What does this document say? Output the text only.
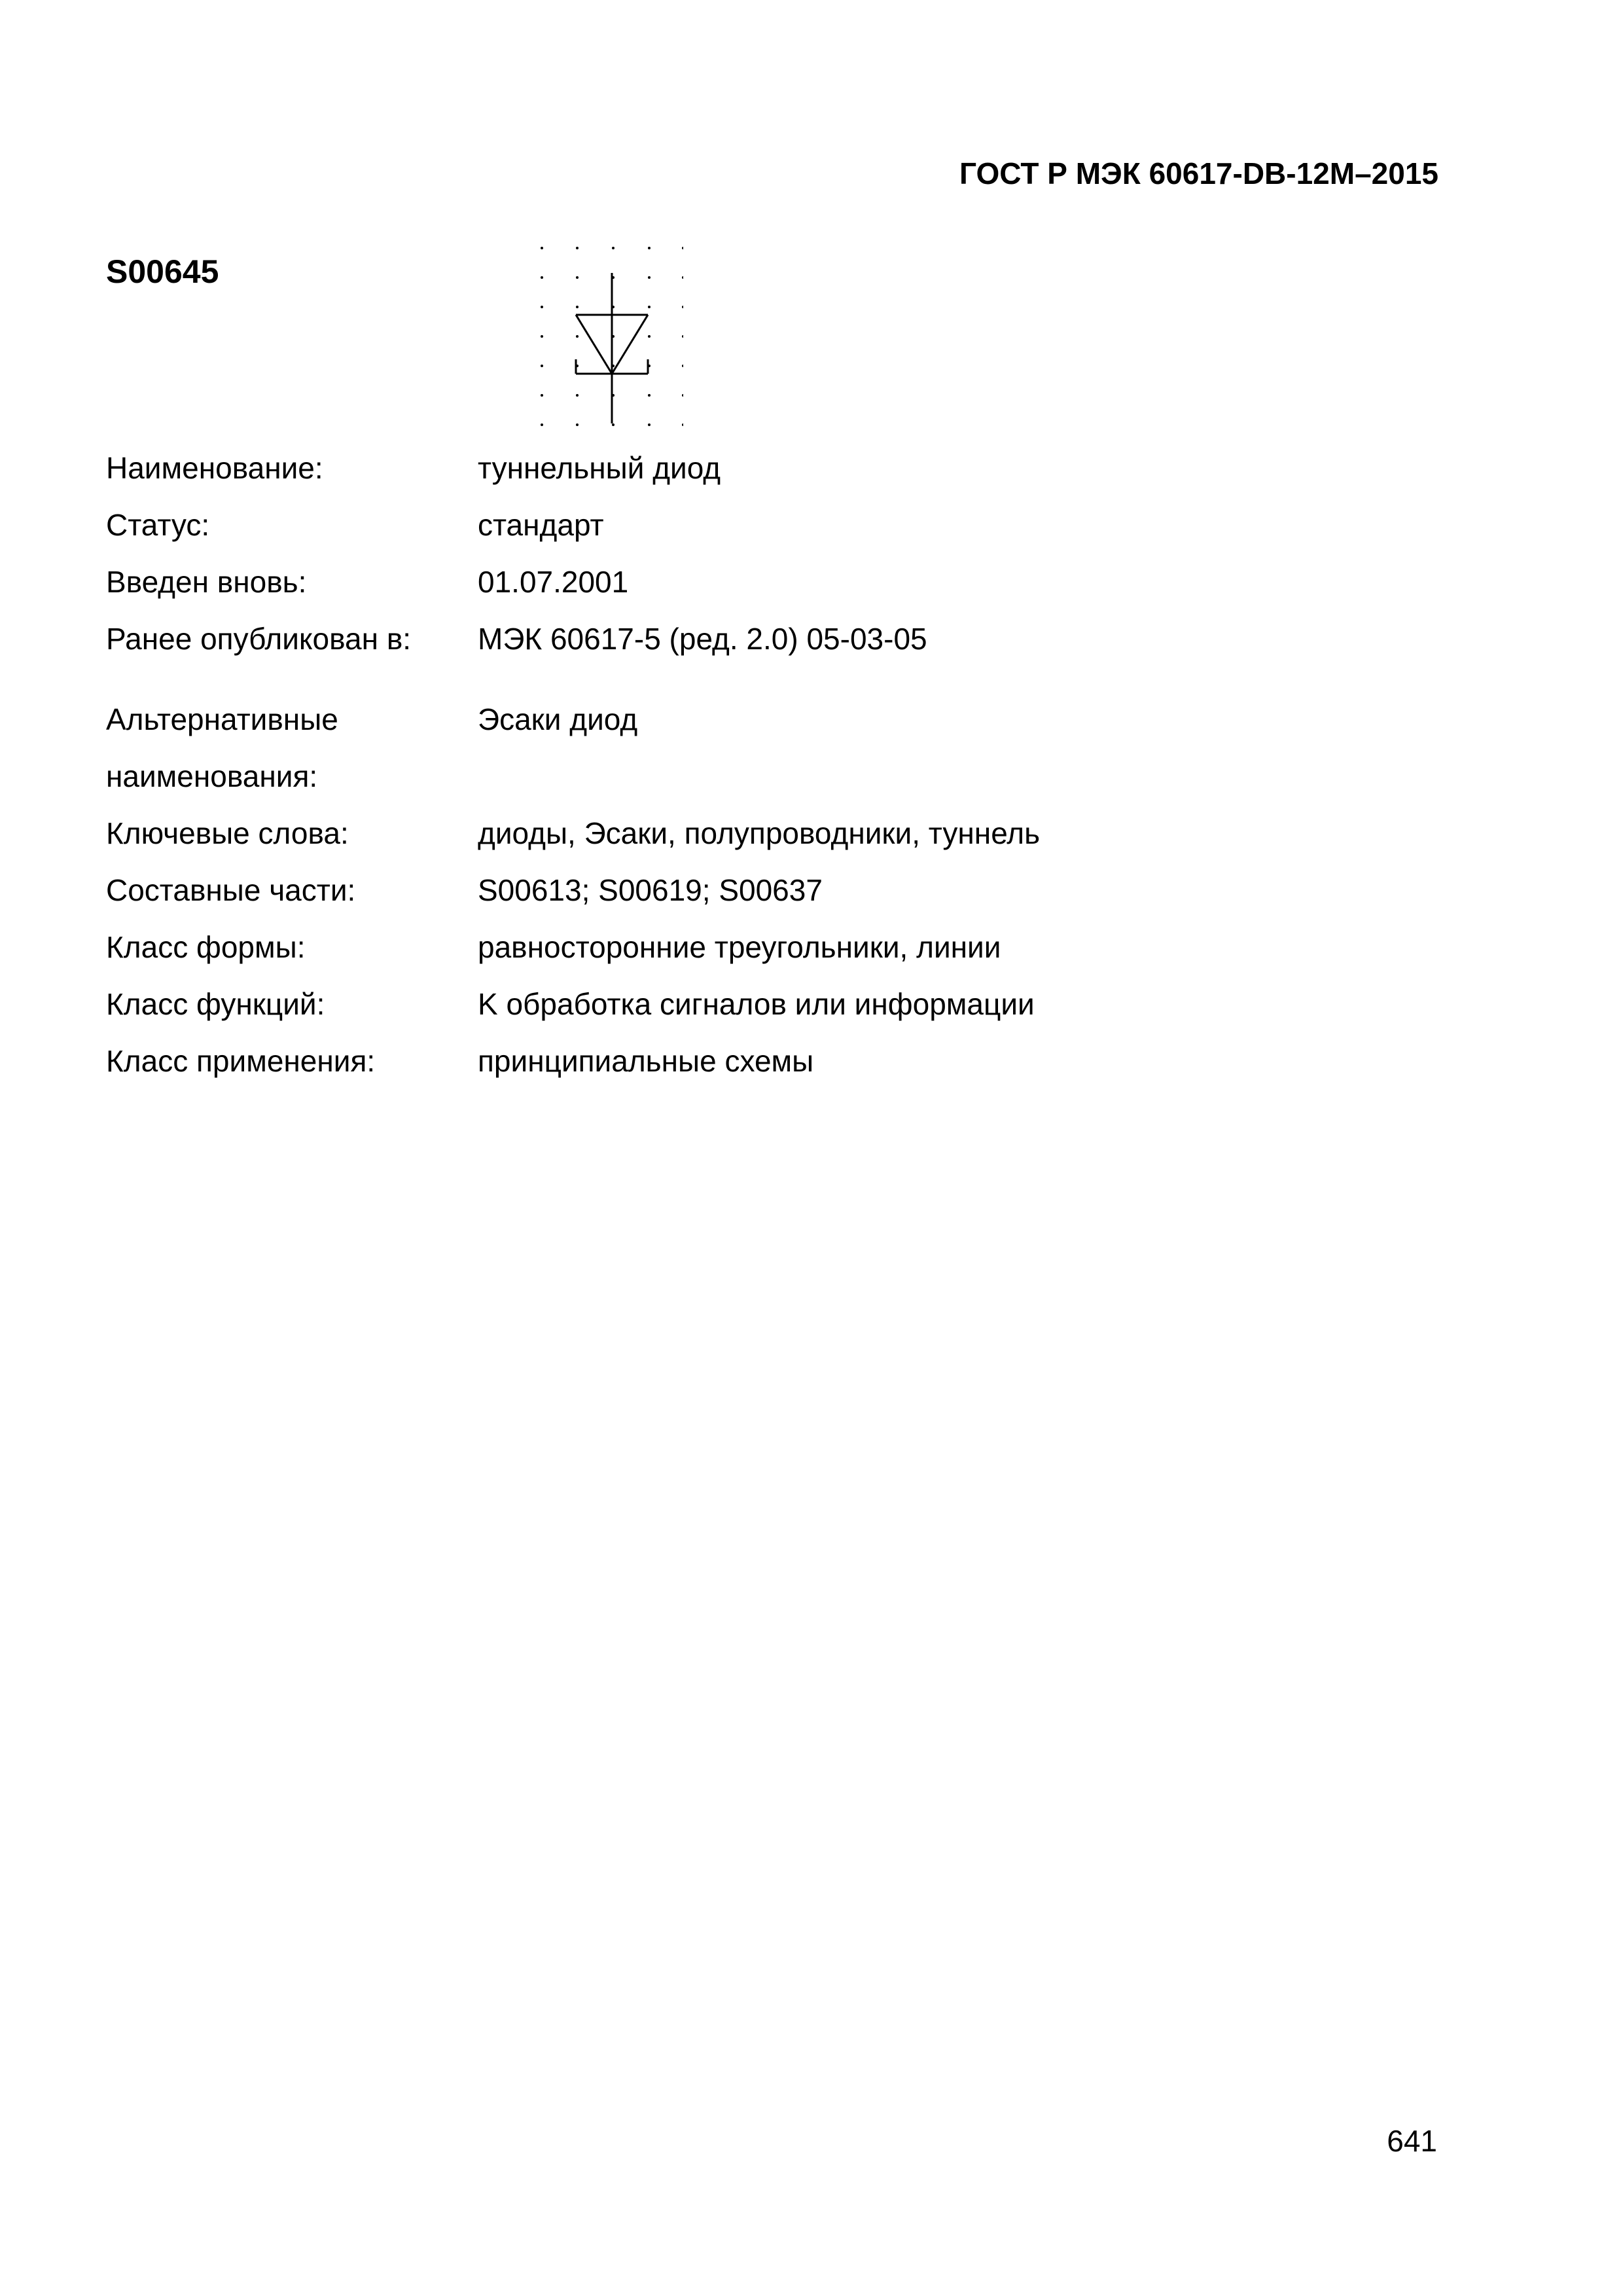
ГОСТ Р МЭК 60617-DB-12M–2015
S00645
Наименование:	туннельный диод
Статус:	стандарт
Введен вновь:	01.07.2001
Ранее опубликован в:	МЭК 60617-5 (ред. 2.0) 05-03-05
Альтернативные наименования:
Эсаки диод
Ключевые слова:	диоды, Эсаки, полупроводники, туннель
Составные части:	S00613; S00619; S00637
Класс формы:	равносторонние треугольники, линии
Класс функций:	K обработка сигналов или информации
Класс применения:	принципиальные схемы
641
